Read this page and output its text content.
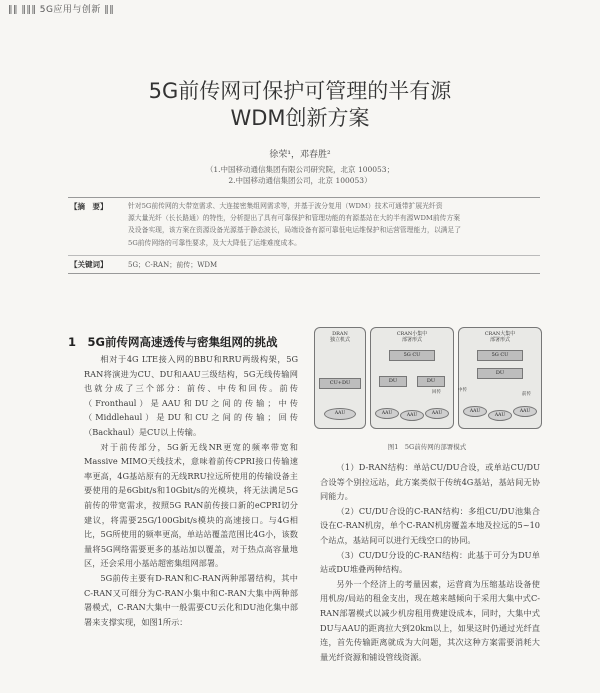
‖‖ ‖‖‖ 5G应用与创新 ‖‖
5G前传网可保护可管理的半有源
WDM创新方案
徐荣¹，邓春胜²
（1.中国移动通信集团有限公司研究院，北京 100053；
2.中国移动通信集团公司，北京 100053）
【摘　要】	针对5G前传网的大带宽需求、大连接密集组网需求等，并基于波分复用（WDM）技术可通带扩展光纤资
源大量光纤（长长路通）的特性，分析提出了具有可靠保护和管理功能的有源基站在大的半有源WDM前传方案
及设备实现，该方案在资源设备光源基于静态波长，局端设备有源可靠低电运维保护和运营管理能力，以满足了
5G前传网络的可靠性要求，及大大降低了运维难度成本。
【关键词】	5G；C-RAN；前传；WDM
1　5G前传网高速透传与密集组网的挑战

相对于4G LTE接入网的BBU和RRU两级构架，5G RAN将演进为CU、DU和AAU三级结构，5G无线传输网也就分成了三个部分：前传、中传和回传。前传（Fronthaul）是AAU和DU之间的传输；中传（Middlehaul）是DU和CU之间的传输；回传（Backhaul）是CU以上传输。

对于前传部分，5G新无线NR更宽的频率带宽和Massive MIMO天线技术，意味着前传CPRI接口传输速率更高，4G基站原有的无线RRU拉远所使用的传输设备主要使用的是6Gbit/s和10Gbit/s的光模块，将无法满足5G前传的带宽需求，按照5G RAN前传接口新的eCPRI切分建议，将需要25G/100Gbit/s模块的高速接口。与4G相比，5G所使用的频率更高，单站站覆盖范围比4G小，该数量将5G网络需要更多的基站加以覆盖，对于热点高容量地区，还会采用小基站超密集组网部署。

5G前传主要有D-RAN和C-RAN两种部署结构，其中C-RAN又可细分为C-RAN小集中和C-RAN大集中两种部署模式，C-RAN大集中一般需要CU云化和DU池化集中部署来支撑实现，如图1所示：

DRAN
独立机式
CU+DU
AAU
CRAN小集中
部署形式
5G CU
DU	DU
AAU	AAU	AAU
CRAN大集中
部署形式
5G CU
DU
AAU
AAU
AAU
中传
回传	前传
图1　5G前传网的部署模式

（1）D-RAN结构：单站CU/DU合设，或单站CU/DU合设等个别拉远站，此方案类似于传统4G基站，基站间无协同能力。

（2）CU/DU合设的C-RAN结构：多组CU/DU池集合设在C-RAN机房，单个C-RAN机房覆盖本地及拉远的5~10个站点，基站间可以进行无线空口的协同。

（3）CU/DU分设的C-RAN结构：此基于可分为DU单站或DU堆叠两种结构。

另外一个经济上的考量因素，运营商为压缩基站设备使用机房/局站的租金支出，现在越来越倾向于采用大集中式C-RAN部署模式以减少机房租用费建设成本，同时，大集中式DU与AAU的距离拉大到20km以上，如果这时仍通过光纤直连，首先传输距离就成为大问题，其次这种方案需要消耗大量光纤资源和铺设管线资源。
